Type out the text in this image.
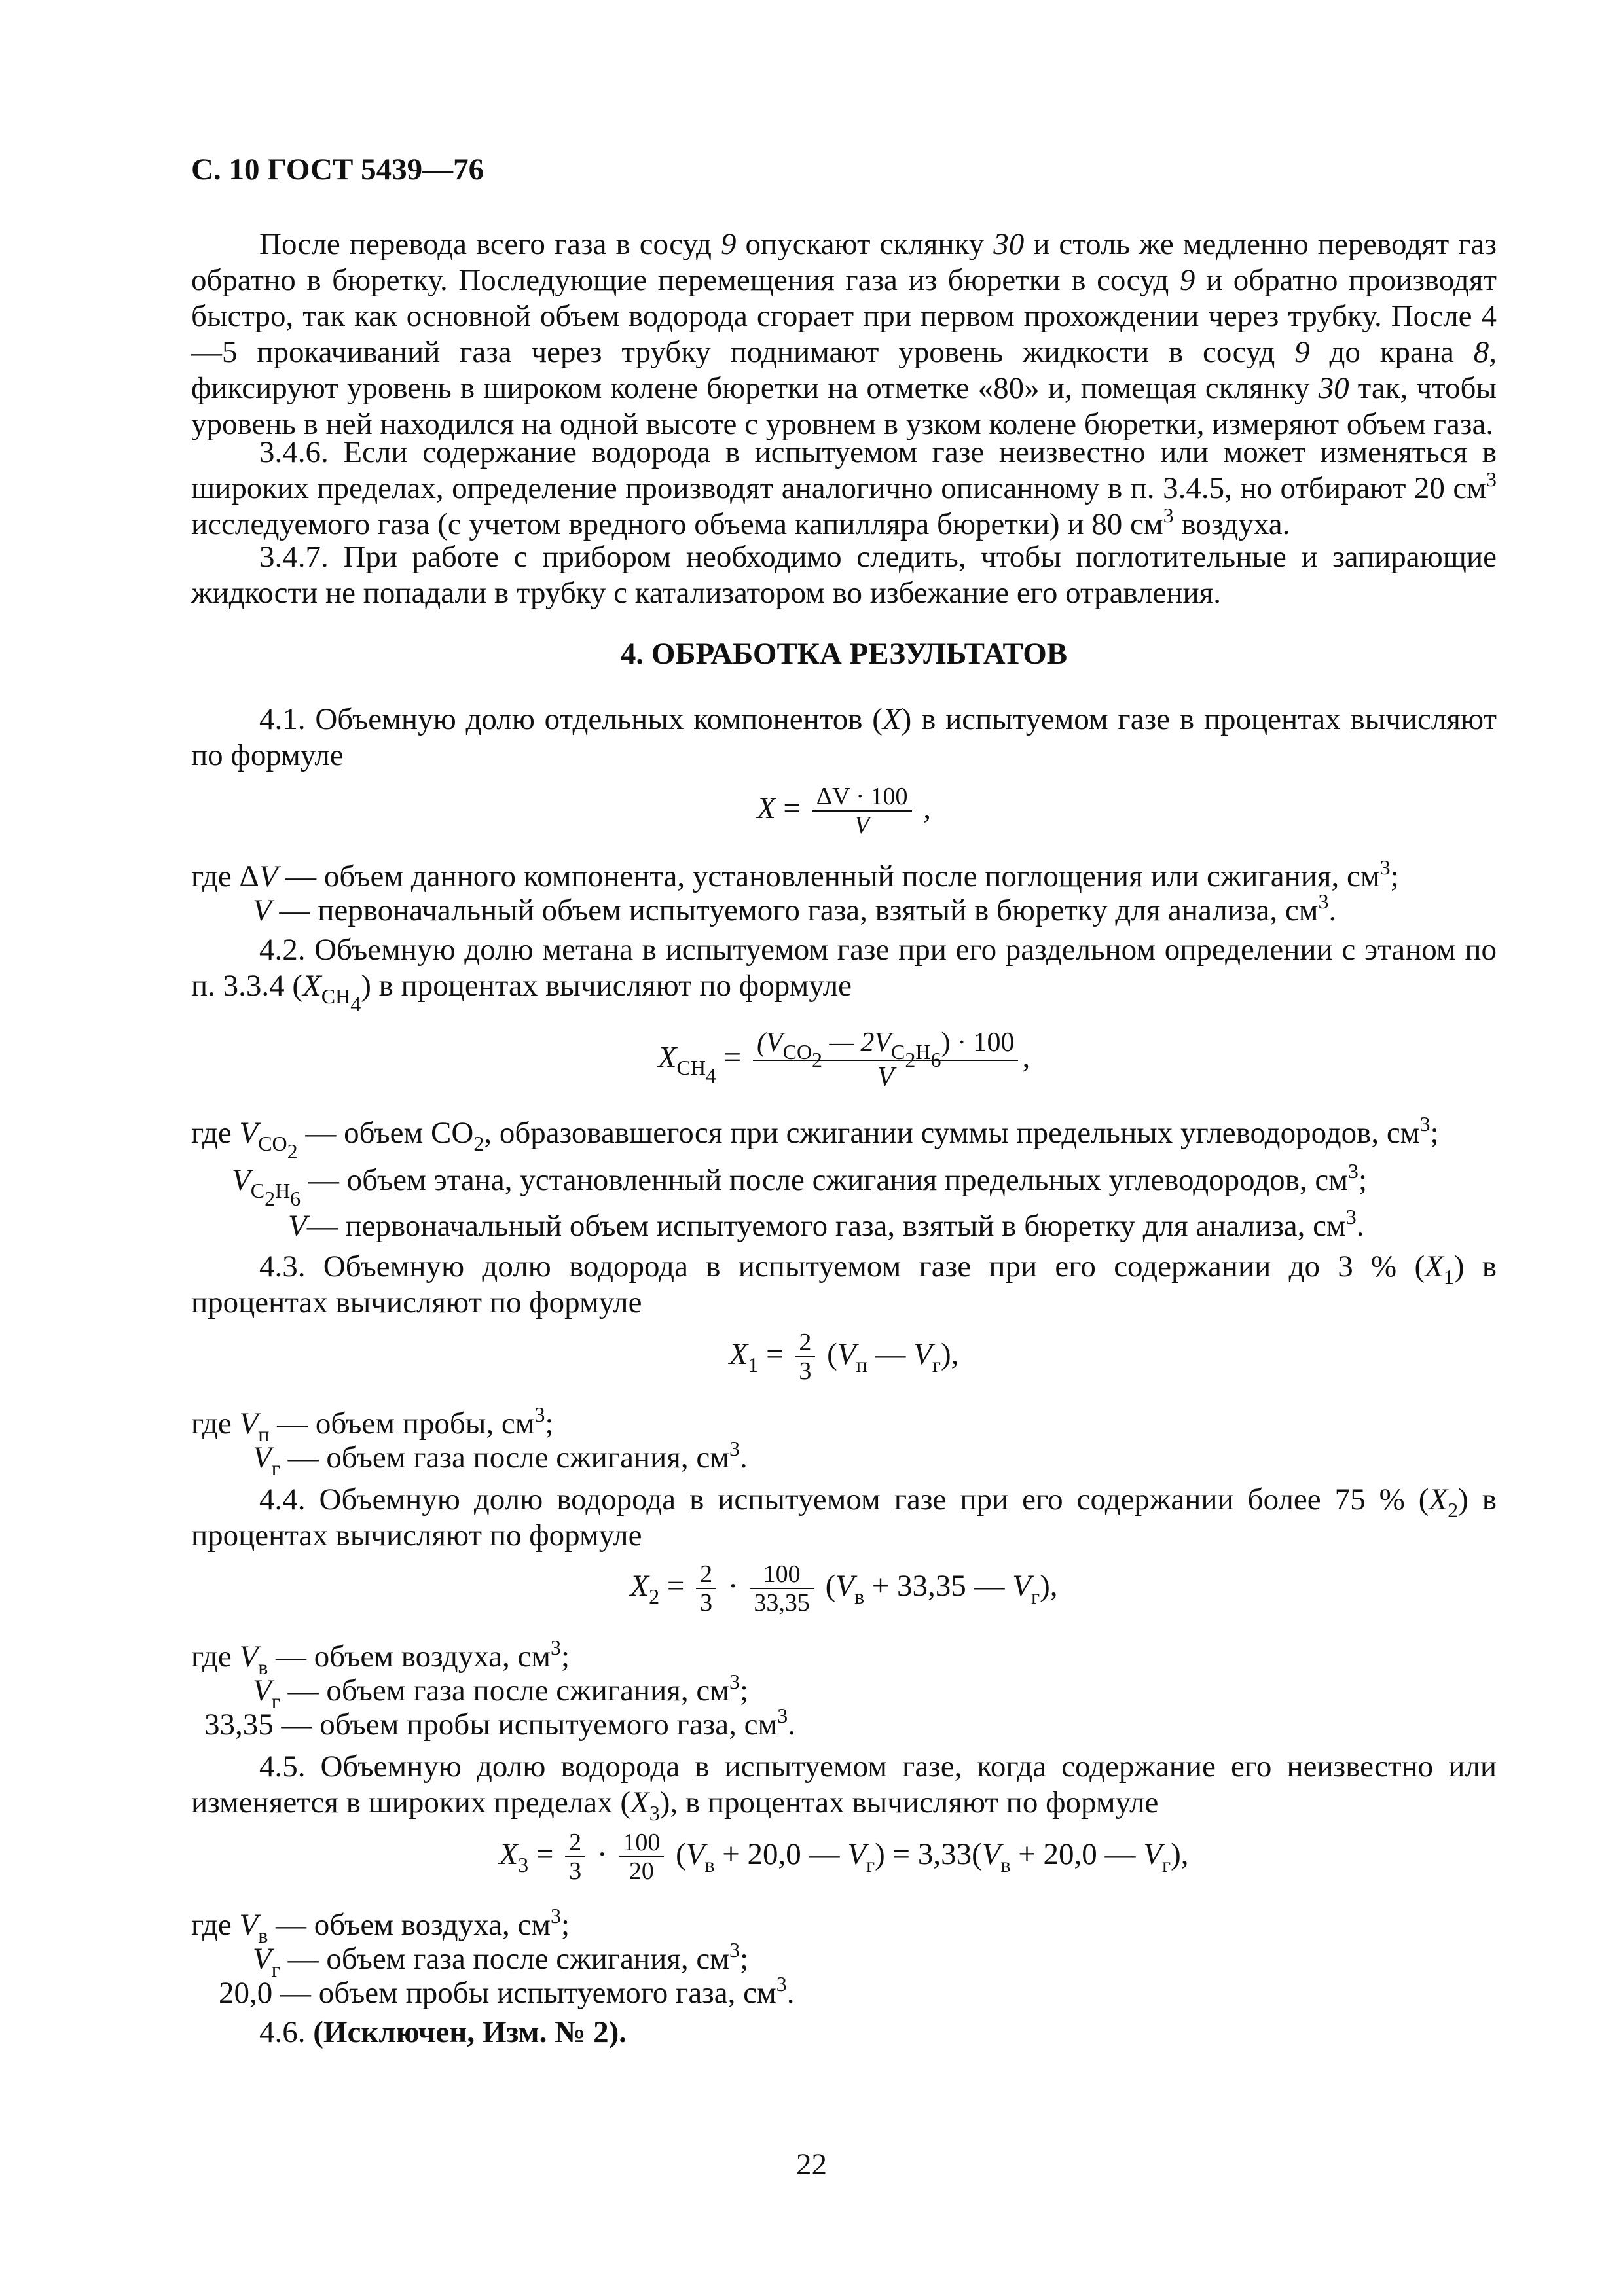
С. 10 ГОСТ 5439—76
После перевода всего газа в сосуд 9 опускают склянку 30 и столь же медленно переводят газ обратно в бюретку. Последующие перемещения газа из бюретки в сосуд 9 и обратно производят быстро, так как основной объем водорода сгорает при первом прохождении через трубку. После 4—5 прокачиваний газа через трубку поднимают уровень жидкости в сосуд 9 до крана 8, фиксируют уровень в широком колене бюретки на отметке «80» и, помещая склянку 30 так, чтобы уровень в ней находился на одной высоте с уровнем в узком колене бюретки, измеряют объем газа.
3.4.6. Если содержание водорода в испытуемом газе неизвестно или может изменяться в широких пределах, определение производят аналогично описанному в п. 3.4.5, но отбирают 20 $см^3$ исследуемого газа (с учетом вредного объема капилляра бюретки) и 80 $см^3$ воздуха.
3.4.7. При работе с прибором необходимо следить, чтобы поглотительные и запирающие жидкости не попадали в трубку с катализатором во избежание его отравления.
4. ОБРАБОТКА РЕЗУЛЬТАТОВ
4.1. Объемную долю отдельных компонентов (X) в испытуемом газе в процентах вычисляют по формуле
$X = \frac{\Delta V \cdot 100}{V}$ ,
где ΔV — объем данного компонента, установленный после поглощения или сжигания, $см^3$;
V — первоначальный объем испытуемого газа, взятый в бюретку для анализа, $см^3$.
4.2. Объемную долю метана в испытуемом газе при его раздельном определении с этаном по п. 3.3.4 $(X_{CH_4})$ в процентах вычисляют по формуле
$X_{CH_4} = \frac{(V_{CO_2} — 2V_{C_2H_6}) \cdot 100}{V}$ ,
где $V_{CO_2}$ — объем $CO_2$, образовавшегося при сжигании суммы предельных углеводородов, $см^3$;
$V_{C_2H_6}$ — объем этана, установленный после сжигания предельных углеводородов, $см^3$;
V— первоначальный объем испытуемого газа, взятый в бюретку для анализа, $см^3$.
4.3. Объемную долю водорода в испытуемом газе при его содержании до 3 % $(X_1)$ в процентах вычисляют по формуле
$X_1 = \frac{2}{3} (V_п$ — $V_г$),
где $V_п$ — объем пробы, $см^3$;
$V_г$ — объем газа после сжигания, $см^3$.
4.4. Объемную долю водорода в испытуемом газе при его содержании более 75 % $(X_2)$ в процентах вычисляют по формуле
$X_2 = \frac{2}{3} \cdot \frac{100}{33,35} (V_в + 33,35$ — $V_г$),
где $V_в$ — объем воздуха, $см^3$;
$V_г$ — объем газа после сжигания, $см^3$;
33,35 — объем пробы испытуемого газа, $см^3$.
4.5. Объемную долю водорода в испытуемом газе, когда содержание его неизвестно или изменяется в широких пределах $(X_3)$, в процентах вычисляют по формуле
$X_3 = \frac{2}{3} \cdot \frac{100}{20} (V_в + 20,0$ — $V_г) = 3,33(V_в + 20,0$ — $V_г$),
где $V_в$ — объем воздуха, $см^3$;
$V_г$ — объем газа после сжигания, $см^3$;
20,0 — объем пробы испытуемого газа, $см^3$.
4.6. (Исключен, Изм. № 2).
22
